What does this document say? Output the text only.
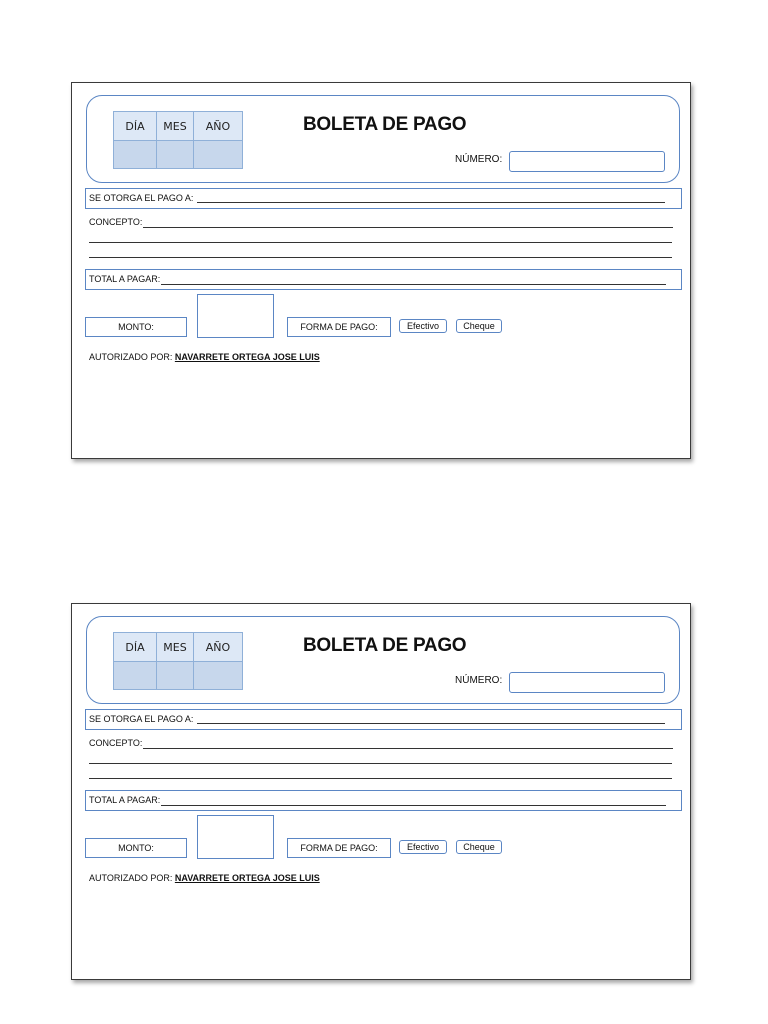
DÍA	MES	AÑO
			BOLETA DE PAGO
NÚMERO:
SE OTORGA EL PAGO A:
CONCEPTO:
TOTAL A PAGAR:
MONTO:	FORMA DE PAGO:	Efectivo	Cheque
AUTORIZADO POR: NAVARRETE ORTEGA JOSE LUIS
DÍA	MES	AÑO
			BOLETA DE PAGO
NÚMERO:
SE OTORGA EL PAGO A:
CONCEPTO:
TOTAL A PAGAR:
MONTO:	FORMA DE PAGO:	Efectivo	Cheque
AUTORIZADO POR: NAVARRETE ORTEGA JOSE LUIS
